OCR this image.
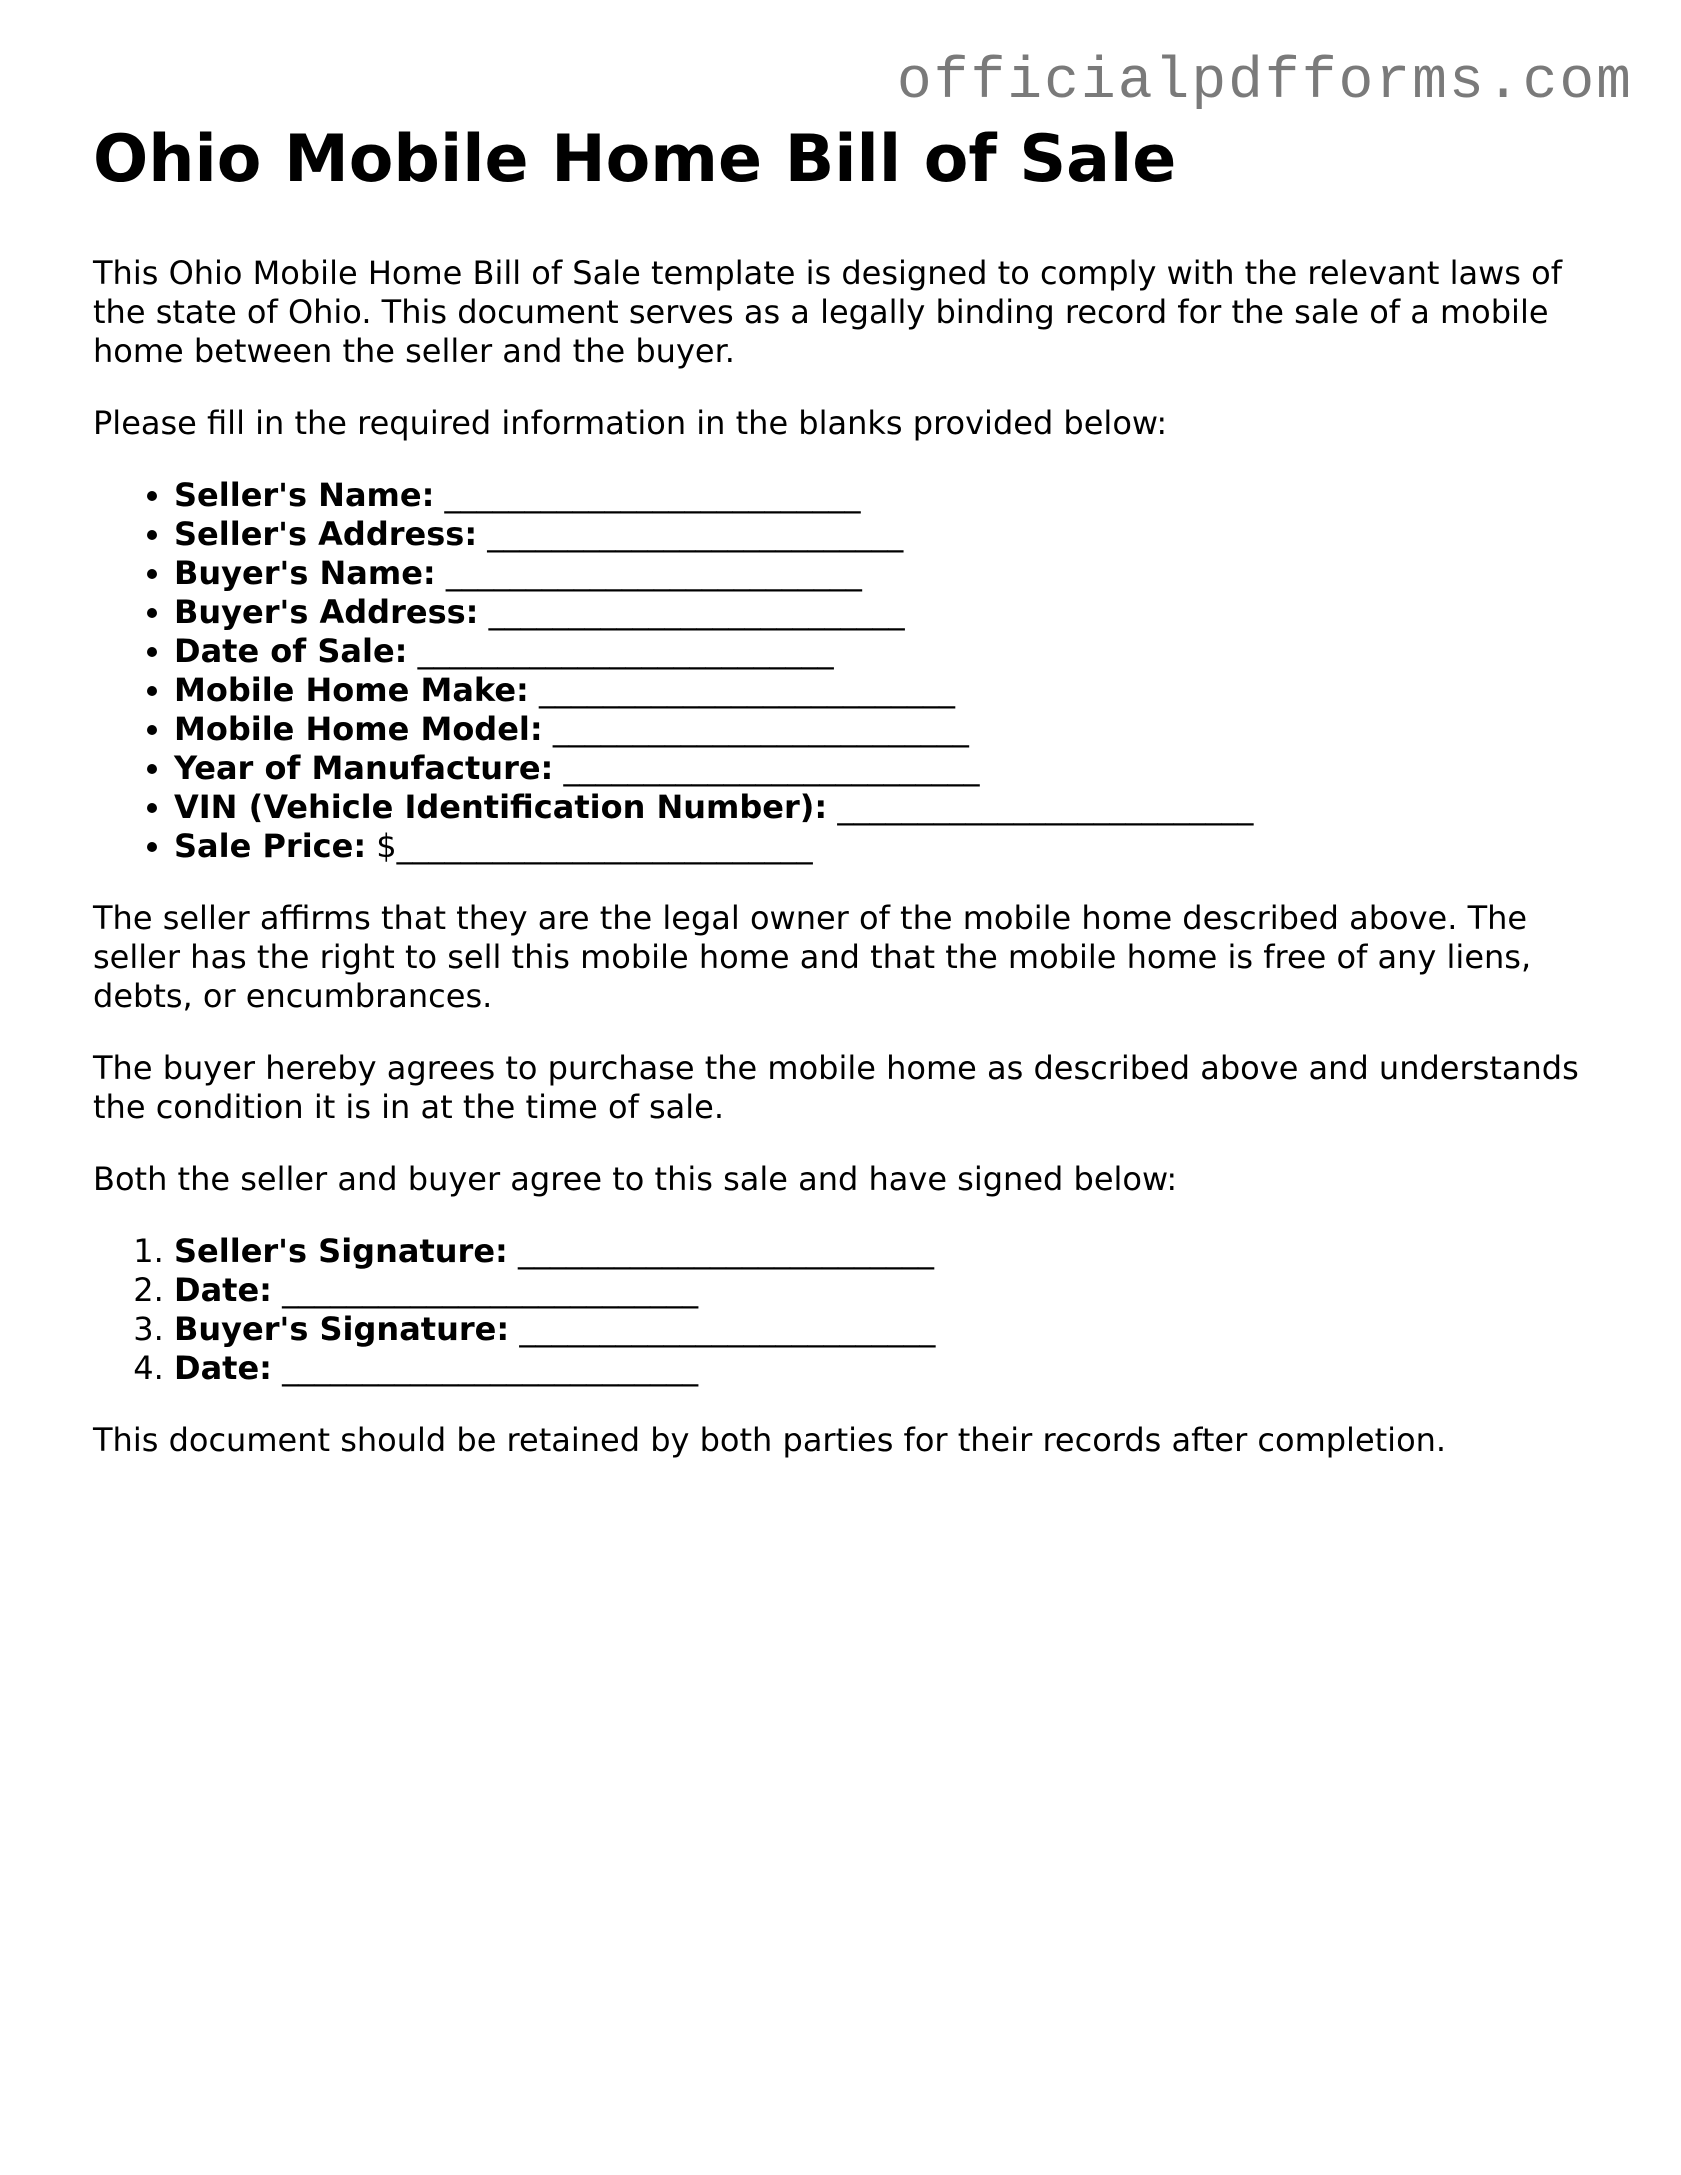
officialpdfforms.com
Ohio Mobile Home Bill of Sale

This Ohio Mobile Home Bill of Sale template is designed to comply with the relevant laws of the state of Ohio. This document serves as a legally binding record for the sale of a mobile home between the seller and the buyer.

Please fill in the required information in the blanks provided below:

• Seller's Name: __________________________
• Seller's Address: __________________________
• Buyer's Name: __________________________
• Buyer's Address: __________________________
• Date of Sale: __________________________
• Mobile Home Make: __________________________
• Mobile Home Model: __________________________
• Year of Manufacture: __________________________
• VIN (Vehicle Identification Number): __________________________
• Sale Price: $__________________________

The seller affirms that they are the legal owner of the mobile home described above. The seller has the right to sell this mobile home and that the mobile home is free of any liens, debts, or encumbrances.

The buyer hereby agrees to purchase the mobile home as described above and understands the condition it is in at the time of sale.

Both the seller and buyer agree to this sale and have signed below:

1. Seller's Signature: __________________________
2. Date: __________________________
3. Buyer's Signature: __________________________
4. Date: __________________________

This document should be retained by both parties for their records after completion.
